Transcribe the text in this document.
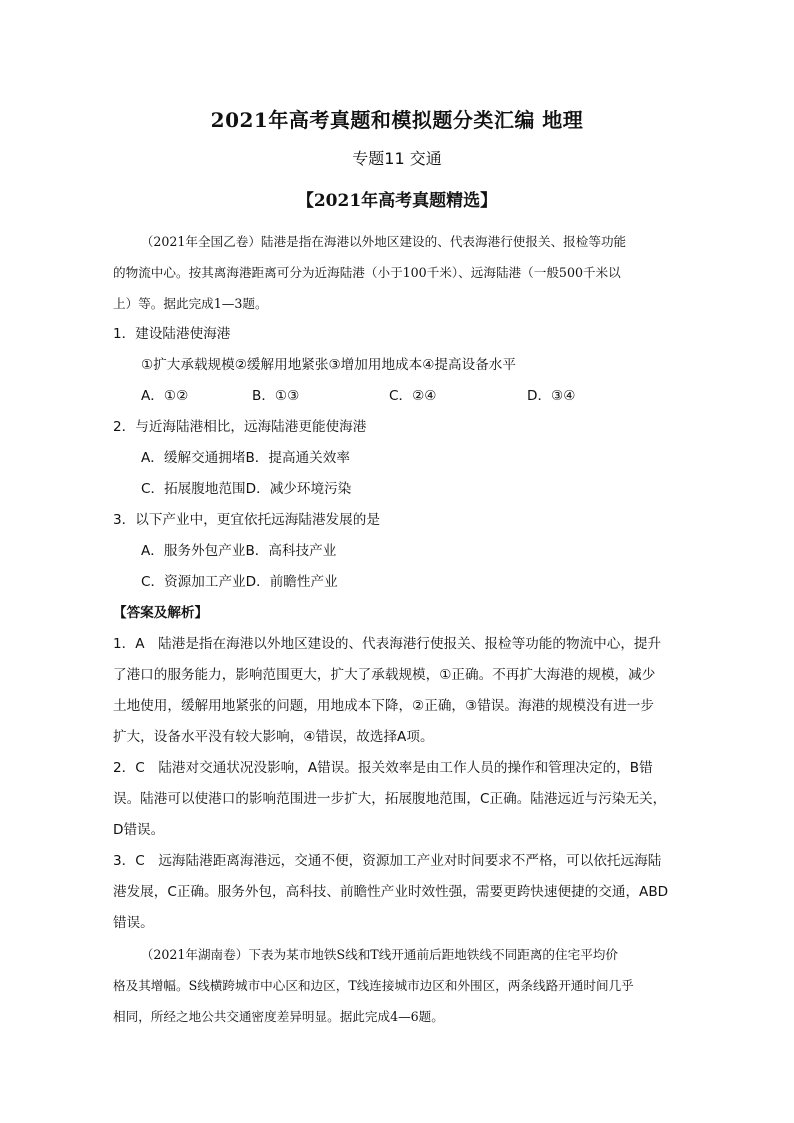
2021年高考真题和模拟题分类汇编 地理
专题11 交通
【2021年高考真题精选】

（2021年全国乙卷）陆港是指在海港以外地区建设的、代表海港行使报关、报检等功能

的物流中心。按其离海港距离可分为近海陆港（小于100千米）、远海陆港（一般500千米以

上）等。据此完成1—3题。

1．建设陆港使海港

①扩大承载规模②缓解用地紧张③增加用地成本④提高设备水平

A．①②	B．①③	C．②④	D．③④

2．与近海陆港相比，远海陆港更能使海港

A．缓解交通拥堵B．提高通关效率

C．拓展腹地范围D．减少环境污染

3．以下产业中，更宜依托远海陆港发展的是

A．服务外包产业B．高科技产业

C．资源加工产业D．前瞻性产业

【答案及解析】

1．A　陆港是指在海港以外地区建设的、代表海港行使报关、报检等功能的物流中心，提升

了港口的服务能力，影响范围更大，扩大了承载规模，①正确。不再扩大海港的规模，减少

土地使用，缓解用地紧张的问题，用地成本下降，②正确，③错误。海港的规模没有进一步

扩大，设备水平没有较大影响，④错误，故选择A项。

2．C　陆港对交通状况没影响，A错误。报关效率是由工作人员的操作和管理决定的，B错

误。陆港可以使港口的影响范围进一步扩大，拓展腹地范围，C正确。陆港远近与污染无关，

D错误。

3．C　远海陆港距离海港远，交通不便，资源加工产业对时间要求不严格，可以依托远海陆

港发展，C正确。服务外包，高科技、前瞻性产业时效性强，需要更跨快速便捷的交通，ABD

错误。

（2021年湖南卷）下表为某市地铁S线和T线开通前后距地铁线不同距离的住宅平均价

格及其增幅。S线横跨城市中心区和边区，T线连接城市边区和外围区，两条线路开通时间几乎

相同，所经之地公共交通密度差异明显。据此完成4—6题。
